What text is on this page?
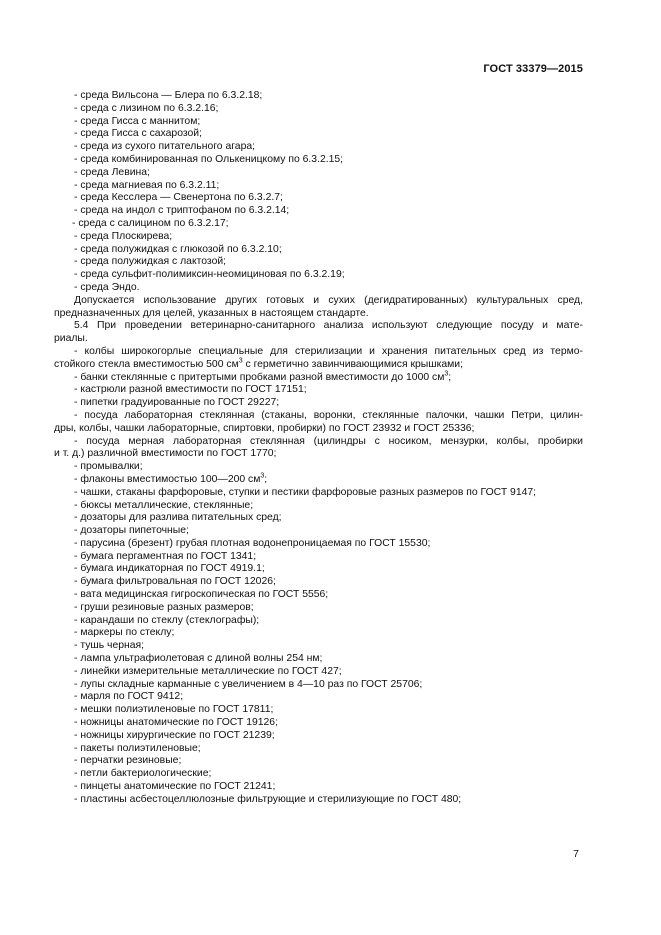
ГОСТ 33379—2015
- среда Вильсона — Блера по 6.3.2.18;
- среда с лизином по 6.3.2.16;
- среда Гисса с маннитом;
- среда Гисса с сахарозой;
- среда из сухого питательного агара;
- среда комбинированная по Олькеницкому по 6.3.2.15;
- среда Левина;
- среда магниевая по 6.3.2.11;
- среда Кесслера — Свенертона по 6.3.2.7;
- среда на индол с триптофаном по 6.3.2.14;
- среда с салицином по 6.3.2.17;
- среда Плоскирева;
- среда полужидкая с глюкозой по 6.3.2.10;
- среда полужидкая с лактозой;
- среда сульфит-полимиксин-неомициновая по 6.3.2.19;
- среда Эндо.
Допускается использование других готовых и сухих (дегидратированных) культуральных сред,
предназначенных для целей, указанных в настоящем стандарте.
5.4 При проведении ветеринарно-санитарного анализа используют следующие посуду и мате-
риалы.
- колбы широкогорлые специальные для стерилизации и хранения питательных сред из термо-
стойкого стекла вместимостью 500 $см^3$ с герметично завинчивающимися крышками;
- банки стеклянные с притертыми пробками разной вместимости до 1000 $см^3$;
- кастрюли разной вместимости по ГОСТ 17151;
- пипетки градуированные по ГОСТ 29227;
- посуда лабораторная стеклянная (стаканы, воронки, стеклянные палочки, чашки Петри, цилин-
дры, колбы, чашки лабораторные, спиртовки, пробирки) по ГОСТ 23932 и ГОСТ 25336;
- посуда мерная лабораторная стеклянная (цилиндры с носиком, мензурки, колбы, пробирки
и т. д.) различной вместимости по ГОСТ 1770;
- промывалки;
- флаконы вместимостью 100—200 $см^3$;
- чашки, стаканы фарфоровые, ступки и пестики фарфоровые разных размеров по ГОСТ 9147;
- бюксы металлические, стеклянные;
- дозаторы для разлива питательных сред;
- дозаторы пипеточные;
- парусина (брезент) грубая плотная водонепроницаемая по ГОСТ 15530;
- бумага пергаментная по ГОСТ 1341;
- бумага индикаторная по ГОСТ 4919.1;
- бумага фильтровальная по ГОСТ 12026;
- вата медицинская гигроскопическая по ГОСТ 5556;
- груши резиновые разных размеров;
- карандаши по стеклу (стеклографы);
- маркеры по стеклу;
- тушь черная;
- лампа ультрафиолетовая с длиной волны 254 нм;
- линейки измерительные металлические по ГОСТ 427;
- лупы складные карманные с увеличением в 4—10 раз по ГОСТ 25706;
- марля по ГОСТ 9412;
- мешки полиэтиленовые по ГОСТ 17811;
- ножницы анатомические по ГОСТ 19126;
- ножницы хирургические по ГОСТ 21239;
- пакеты полиэтиленовые;
- перчатки резиновые;
- петли бактериологические;
- пинцеты анатомические по ГОСТ 21241;
- пластины асбестоцеллюлозные фильтрующие и стерилизующие по ГОСТ 480;
7
